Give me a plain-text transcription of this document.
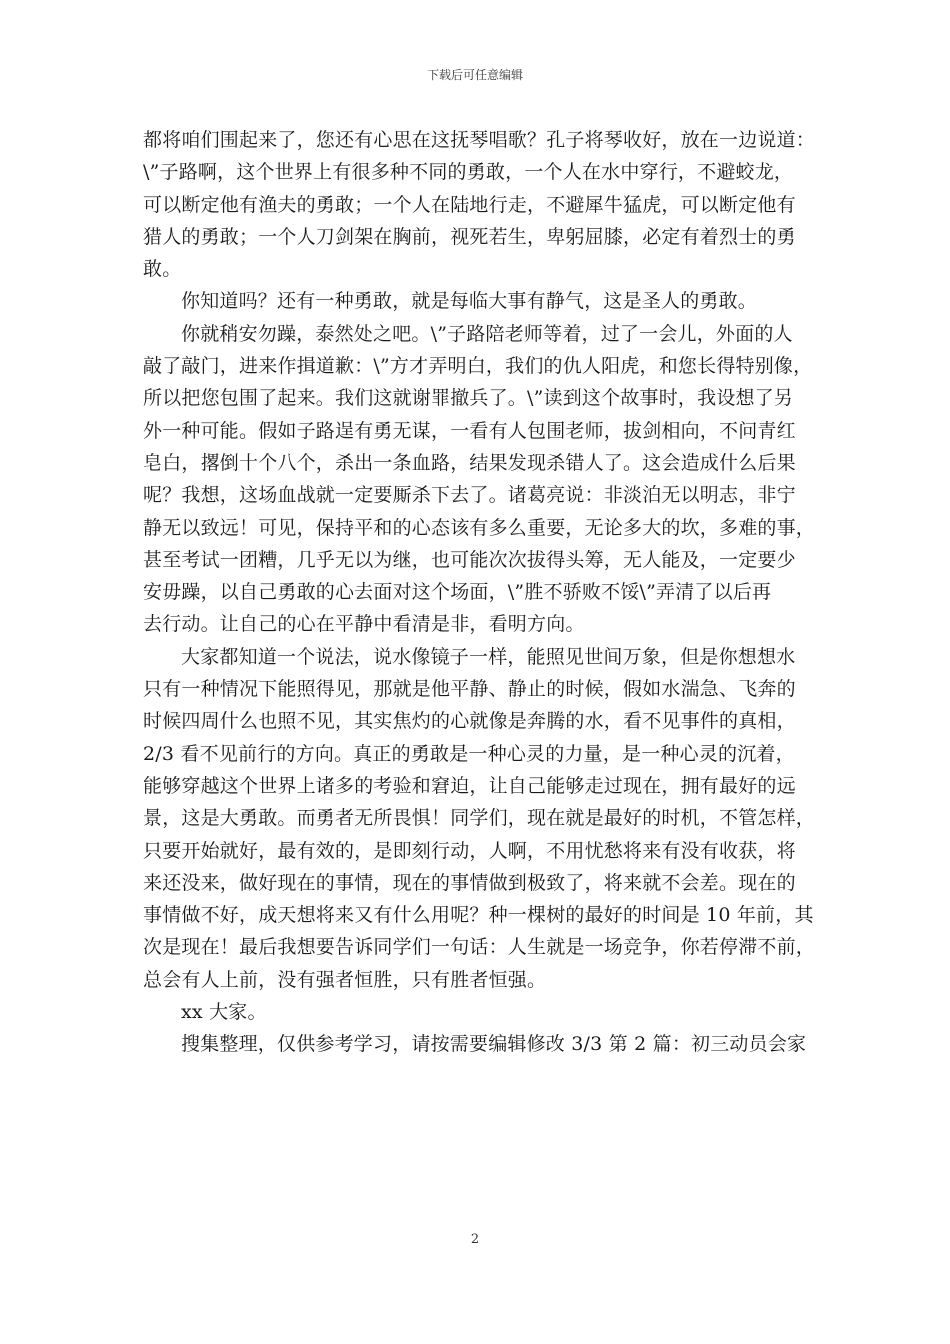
下载后可任意编辑
都将咱们围起来了，您还有心思在这抚琴唱歌？孔子将琴收好，放在一边说道：
\”子路啊，这个世界上有很多种不同的勇敢，一个人在水中穿行，不避蛟龙，
可以断定他有渔夫的勇敢；一个人在陆地行走，不避犀牛猛虎，可以断定他有
猎人的勇敢；一个人刀剑架在胸前，视死若生，卑躬屈膝，必定有着烈士的勇
敢。
你知道吗？还有一种勇敢，就是每临大事有静气，这是圣人的勇敢。
你就稍安勿躁，泰然处之吧。\”子路陪老师等着，过了一会儿，外面的人
敲了敲门，进来作揖道歉：\”方才弄明白，我们的仇人阳虎，和您长得特别像，
所以把您包围了起来。我们这就谢罪撤兵了。\”读到这个故事时，我设想了另
外一种可能。假如子路逞有勇无谋，一看有人包围老师，拔剑相向，不问青红
皂白，撂倒十个八个，杀出一条血路，结果发现杀错人了。这会造成什么后果
呢？我想，这场血战就一定要厮杀下去了。诸葛亮说：非淡泊无以明志，非宁
静无以致远！可见，保持平和的心态该有多么重要，无论多大的坎，多难的事，
甚至考试一团糟，几乎无以为继，也可能次次拔得头筹，无人能及，一定要少
安毋躁，以自己勇敢的心去面对这个场面，\”胜不骄败不馁\”弄清了以后再
去行动。让自己的心在平静中看清是非，看明方向。
大家都知道一个说法，说水像镜子一样，能照见世间万象，但是你想想水
只有一种情况下能照得见，那就是他平静、静止的时候，假如水湍急、飞奔的
时候四周什么也照不见，其实焦灼的心就像是奔腾的水，看不见事件的真相，
2/3 看不见前行的方向。真正的勇敢是一种心灵的力量，是一种心灵的沉着，
能够穿越这个世界上诸多的考验和窘迫，让自己能够走过现在，拥有最好的远
景，这是大勇敢。而勇者无所畏惧！同学们，现在就是最好的时机，不管怎样，
只要开始就好，最有效的，是即刻行动，人啊，不用忧愁将来有没有收获，将
来还没来，做好现在的事情，现在的事情做到极致了，将来就不会差。现在的
事情做不好，成天想将来又有什么用呢？种一棵树的最好的时间是 10 年前，其
次是现在！最后我想要告诉同学们一句话：人生就是一场竞争，你若停滞不前，
总会有人上前，没有强者恒胜，只有胜者恒强。
xx 大家。
搜集整理，仅供参考学习，请按需要编辑修改 3/3 第 2 篇：初三动员会家
2
